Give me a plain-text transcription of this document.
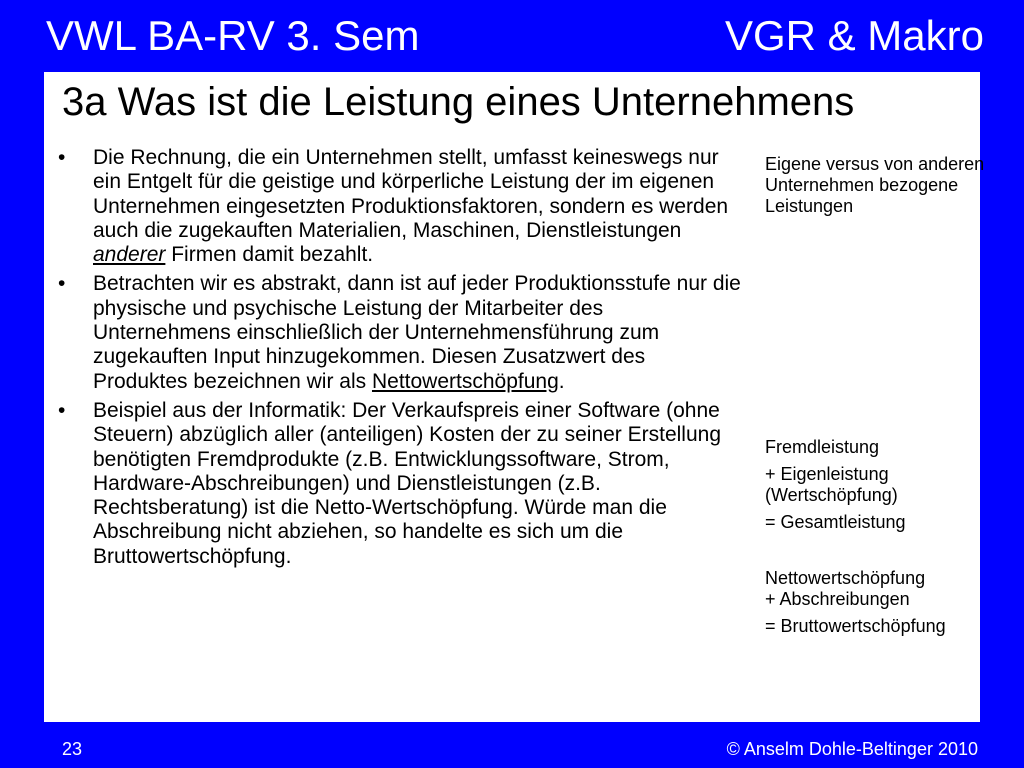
VWL BA-RV 3. Sem	VGR & Makro
3a Was ist die Leistung eines Unternehmens
• Die Rechnung, die ein Unternehmen stellt, umfasst keineswegs nur ein Entgelt für die geistige und körperliche Leistung der im eigenen Unternehmen eingesetzten Produktionsfaktoren, sondern es werden auch die zugekauften Materialien, Maschinen, Dienstleistungen anderer Firmen damit bezahlt.
• Betrachten wir es abstrakt, dann ist auf jeder Produktionsstufe nur die physische und psychische Leistung der Mitarbeiter des Unternehmens einschließlich der Unternehmensführung zum zugekauften Input hinzugekommen. Diesen Zusatzwert des Produktes bezeichnen wir als Nettowertschöpfung.
• Beispiel aus der Informatik: Der Verkaufspreis einer Software (ohne Steuern) abzüglich aller (anteiligen) Kosten der zu seiner Erstellung benötigten Fremdprodukte (z.B. Entwicklungssoftware, Strom, Hardware-Abschreibungen) und Dienstleistungen (z.B. Rechtsberatung) ist die Netto-Wertschöpfung. Würde man die Abschreibung nicht abziehen, so handelte es sich um die Bruttowertschöpfung.

Eigene versus von anderen Unternehmen bezogene Leistungen

Fremdleistung

+ Eigenleistung (Wertschöpfung)

= Gesamtleistung

Nettowertschöpfung

+ Abschreibungen

= Bruttowertschöpfung

23	© Anselm Dohle-Beltinger 2010
